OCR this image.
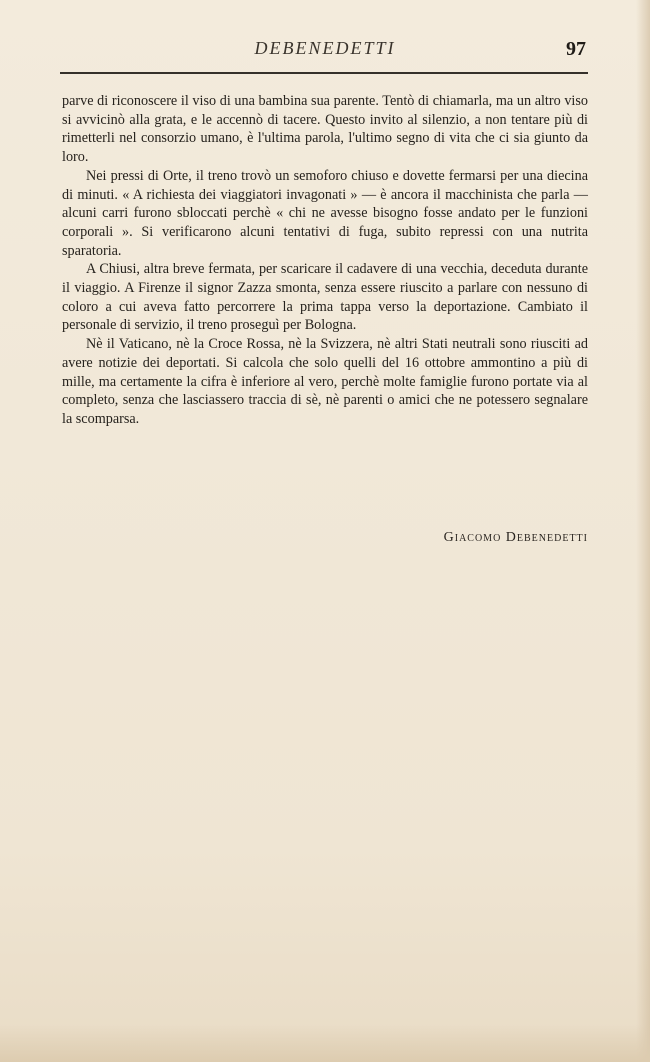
DEBENEDETTI	97

parve di riconoscere il viso di una bambina sua parente. Tentò di chiamarla, ma un altro viso si avvicinò alla grata, e le accennò di tacere. Questo invito al silenzio, a non tentare più di rimetterli nel consorzio umano, è l'ultima parola, l'ultimo segno di vita che ci sia giunto da loro.

Nei pressi di Orte, il treno trovò un semoforo chiuso e dovette fermarsi per una diecina di minuti. « A richiesta dei viaggiatori invagonati » — è ancora il macchinista che parla — alcuni carri furono sbloccati perchè « chi ne avesse bisogno fosse andato per le funzioni corporali ». Si verificarono alcuni tentativi di fuga, subito repressi con una nutrita sparatoria.

A Chiusi, altra breve fermata, per scaricare il cadavere di una vecchia, deceduta durante il viaggio. A Firenze il signor Zazza smonta, senza essere riuscito a parlare con nessuno di coloro a cui aveva fatto percorrere la prima tappa verso la deportazione. Cambiato il personale di servizio, il treno proseguì per Bologna.

Nè il Vaticano, nè la Croce Rossa, nè la Svizzera, nè altri Stati neutrali sono riusciti ad avere notizie dei deportati. Si calcola che solo quelli del 16 ottobre ammontino a più di mille, ma certamente la cifra è inferiore al vero, perchè molte famiglie furono portate via al completo, senza che lasciassero traccia di sè, nè parenti o amici che ne potessero segnalare la scomparsa.

Giacomo Debenedetti
